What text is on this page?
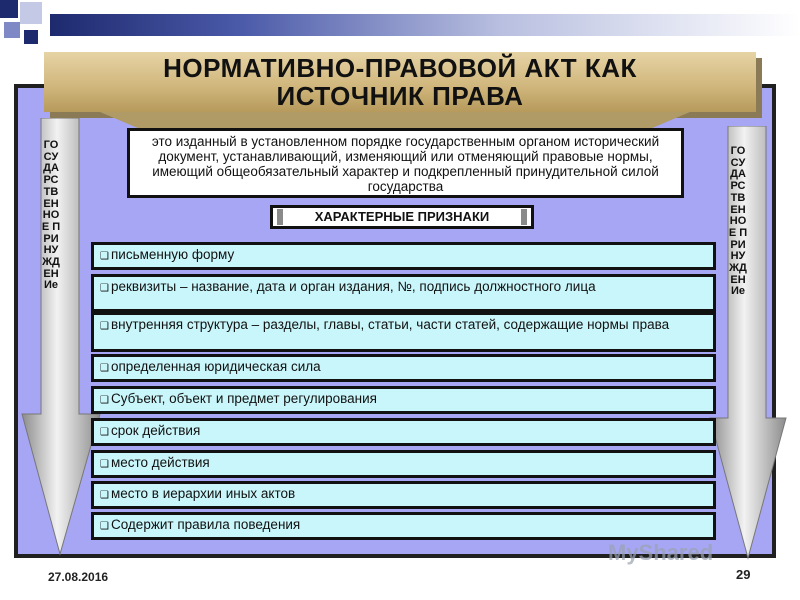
ГОСУДАРСТВЕННОЕ ПРИНУЖДЕНИе
ГОСУДАРСТВЕННОЕ ПРИНУЖДЕНИе
НОРМАТИВНО-ПРАВОВОЙ АКТ КАК
ИСТОЧНИК ПРАВА
это изданный в установленном порядке государственным органом исторический документ, устанавливающий, изменяющий или отменяющий правовые нормы, имеющий общеобязательный характер и подкрепленный принудительной силой государства
ХАРАКТЕРНЫЕ ПРИЗНАКИ
❑ письменную форму
❑ реквизиты – название, дата и орган издания, №, подпись должностного лица
❑ внутренняя структура – разделы, главы, статьи, части статей, содержащие нормы права
❑ определенная юридическая сила
❑ Субъект, объект и предмет регулирования
❑ срок действия
❑ место действия
❑ место в иерархии иных актов
❑ Содержит правила поведения
MyShared
27.08.2016	29
